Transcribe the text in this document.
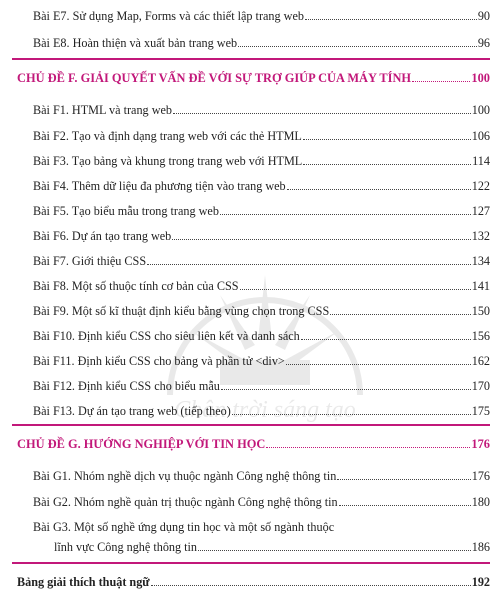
Chân trời sáng tạo
Bài E7. Sử dụng Map, Forms và các thiết lập trang web	90
Bài E8. Hoàn thiện và xuất bản trang web	96
CHỦ ĐỀ F. GIẢI QUYẾT VẤN ĐỀ VỚI SỰ TRỢ GIÚP CỦA MÁY TÍNH	100
Bài F1. HTML và trang web	100
Bài F2. Tạo và định dạng trang web với các thẻ HTML	106
Bài F3. Tạo bảng và khung trong trang web với HTML	114
Bài F4. Thêm dữ liệu đa phương tiện vào trang web	122
Bài F5. Tạo biểu mẫu trong trang web	127
Bài F6. Dự án tạo trang web	132
Bài F7. Giới thiệu CSS	134
Bài F8. Một số thuộc tính cơ bản của CSS	141
Bài F9. Một số kĩ thuật định kiểu bằng vùng chọn trong CSS	150
Bài F10. Định kiểu CSS cho siêu liên kết và danh sách	156
Bài F11. Định kiểu CSS cho bảng và phần tử <div>	162
Bài F12. Định kiểu CSS cho biểu mẫu	170
Bài F13. Dự án tạo trang web (tiếp theo)	175
CHỦ ĐỀ G. HƯỚNG NGHIỆP VỚI TIN HỌC	176
Bài G1. Nhóm nghề dịch vụ thuộc ngành Công nghệ thông tin	176
Bài G2. Nhóm nghề quản trị thuộc ngành Công nghệ thông tin	180
Bài G3. Một số nghề ứng dụng tin học và một số ngành thuộc
lĩnh vực Công nghệ thông tin	186
Bảng giải thích thuật ngữ	192
